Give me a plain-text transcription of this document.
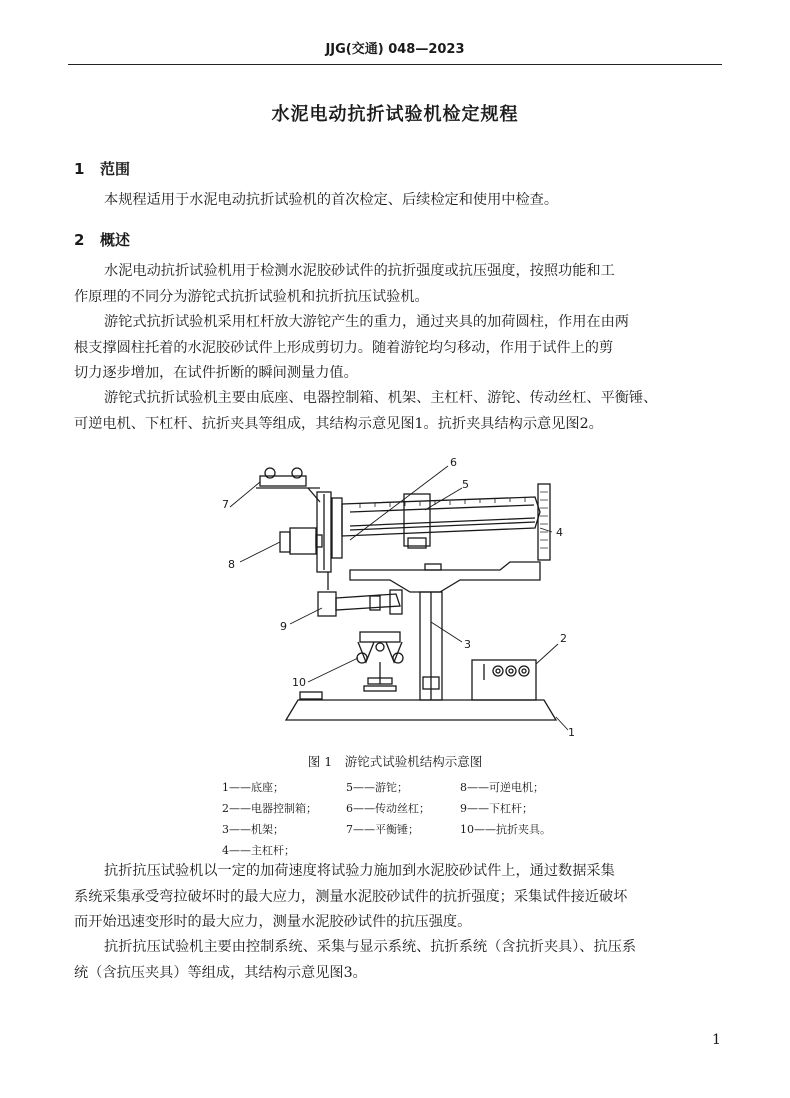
JJG(交通) 048—2023
水泥电动抗折试验机检定规程
1 范围
本规程适用于水泥电动抗折试验机的首次检定、后续检定和使用中检查。
2 概述
水泥电动抗折试验机用于检测水泥胶砂试件的抗折强度或抗压强度，按照功能和工
作原理的不同分为游铊式抗折试验机和抗折抗压试验机。
游铊式抗折试验机采用杠杆放大游铊产生的重力，通过夹具的加荷圆柱，作用在由两
根支撑圆柱托着的水泥胶砂试件上形成剪切力。随着游铊均匀移动，作用于试件上的剪
切力逐步增加，在试件折断的瞬间测量力值。
游铊式抗折试验机主要由底座、电器控制箱、机架、主杠杆、游铊、传动丝杠、平衡锤、
可逆电机、下杠杆、抗折夹具等组成，其结构示意见图1。抗折夹具结构示意见图2。
1
2
3
4
5
6
7
8
9
10
图 1　游铊式试验机结构示意图
1——底座；	5——游铊；	8——可逆电机；
2——电器控制箱；	6——传动丝杠；	9——下杠杆；
3——机架；	7——平衡锤；	10——抗折夹具。
4——主杠杆；
抗折抗压试验机以一定的加荷速度将试验力施加到水泥胶砂试件上，通过数据采集
系统采集承受弯拉破坏时的最大应力，测量水泥胶砂试件的抗折强度；采集试件接近破坏
而开始迅速变形时的最大应力，测量水泥胶砂试件的抗压强度。
抗折抗压试验机主要由控制系统、采集与显示系统、抗折系统（含抗折夹具）、抗压系
统（含抗压夹具）等组成，其结构示意见图3。
1
